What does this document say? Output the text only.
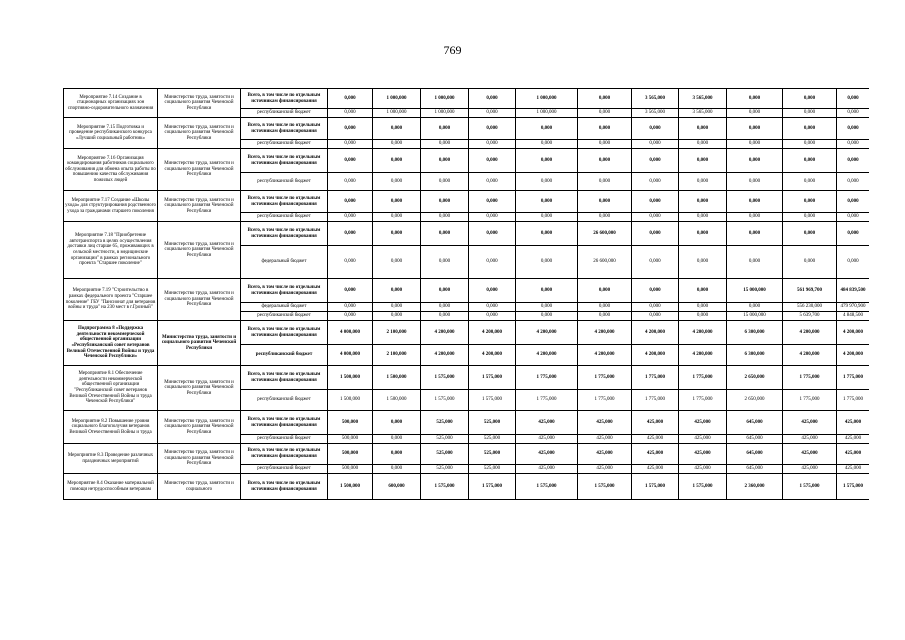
769
Мероприятие 7.14 Создание в стационарных организациях зон спортивно-оздоровительного назначения	Министерство труда, занятости и социального развития Чеченской Республики	Всего, в том числе по отдельным источникам финансирования	0,000	1 000,000	1 000,000	0,000	1 000,000	0,000	3 565,000	3 565,000	0,000	0,000	0,000
		республиканский бюджет	0,000	1 000,000	1 000,000	0,000	1 000,000	0,000	3 565,000	3 565,000	0,000	0,000	0,000
Мероприятие 7.15 Подготовка и проведение республиканского конкурса «Лучший социальный работник»	Министерство труда, занятости и социального развития Чеченской Республики	Всего, в том числе по отдельным источникам финансирования	0,000	0,000	0,000	0,000	0,000	0,000	0,000	0,000	0,000	0,000	0,000
		республиканский бюджет	0,000	0,000	0,000	0,000	0,000	0,000	0,000	0,000	0,000	0,000	0,000
Мероприятие 7.16 Организация командирования работников социального обслуживания для обмена опыта работы по повышению качества обслуживания пожилых людей	Министерство труда, занятости и социального развития Чеченской Республики	Всего, в том числе по отдельным источникам финансирования	0,000	0,000	0,000	0,000	0,000	0,000	0,000	0,000	0,000	0,000	0,000
		республиканский бюджет	0,000	0,000	0,000	0,000	0,000	0,000	0,000	0,000	0,000	0,000	0,000
Мероприятие 7.17 Создание «Школы ухода» для структурирования родственного ухода за гражданами старшего поколения	Министерство труда, занятости и социального развития Чеченской Республики	Всего, в том числе по отдельным источникам финансирования	0,000	0,000	0,000	0,000	0,000	0,000	0,000	0,000	0,000	0,000	0,000
		республиканский бюджет	0,000	0,000	0,000	0,000	0,000	0,000	0,000	0,000	0,000	0,000	0,000
Мероприятие 7.18 "Приобретение автотранспорта в целях осуществления доставки лиц старше 65, проживающих в сельской местности, в медицинские организации" в рамках регионального проекта "Старшее поколение"	Министерство труда, занятости и социального развития Чеченской Республики	Всего, в том числе по отдельным источникам финансирования	0,000	0,000	0,000	0,000	0,000	26 600,000	0,000	0,000	0,000	0,000	0,000
		федеральный бюджет	0,000	0,000	0,000	0,000	0,000	26 600,000	0,000	0,000	0,000	0,000	0,000
Мероприятие 7.19 "Строительство в рамках федерального проекта "Старшее поколение" ГБУ "Пансионат для ветеранов войны и труда" на 230 мест в г.Грозный"	Министерство труда, занятости и социального развития Чеченской Республики	Всего, в том числе по отдельным источникам финансирования	0,000	0,000	0,000	0,000	0,000	0,000	0,000	0,000	15 000,000	561 969,700	484 839,500
		федеральный бюджет	0,000	0,000	0,000	0,000	0,000	0,000	0,000	0,000	0,000	556 230,000	479 970,900
		республиканский бюджет	0,000	0,000	0,000	0,000	0,000	0,000	0,000	0,000	15 000,000	5 639,700	4 848,500
Подпрограмма 8 «Поддержка деятельности некоммерческой общественной организации «Республиканский совет ветеранов Великой Отечественной Войны и труда Чеченской Республики»	Министерство труда, занятости и социального развития Чеченской Республики	Всего, в том числе по отдельным источникам финансирования	4 000,000	2 100,000	4 200,000	4 200,000	4 200,000	4 200,000	4 200,000	4 200,000	6 300,000	4 200,000	4 200,000
		республиканский бюджет	4 000,000	2 100,000	4 200,000	4 200,000	4 200,000	4 200,000	4 200,000	4 200,000	6 300,000	4 200,000	4 200,000
Мероприятие 8.1 Обеспечение деятельности некоммерческой общественной организации "Республиканский совет ветеранов Великой Отечественной Войны и труда Чеченской Республики"	Министерство труда, занятости и социального развития Чеченской Республики	Всего, в том числе по отдельным источникам финансирования	1 500,000	1 500,000	1 575,000	1 575,000	1 775,000	1 775,000	1 775,000	1 775,000	2 650,000	1 775,000	1 775,000
		республиканский бюджет	1 500,000	1 500,000	1 575,000	1 575,000	1 775,000	1 775,000	1 775,000	1 775,000	2 650,000	1 775,000	1 775,000
Мероприятие 8.2 Повышение уровня социального благополучия ветеранов Великой Отечественной Войны и труда	Министерство труда, занятости и социального развития Чеченской Республики	Всего, в том числе по отдельным источникам финансирования	500,000	0,000	525,000	525,000	425,000	425,000	425,000	425,000	645,000	425,000	425,000
		республиканский бюджет	500,000	0,000	525,000	525,000	425,000	425,000	425,000	425,000	645,000	425,000	425,000
Мероприятие 8.3 Проведение различных праздничных мероприятий	Министерство труда, занятости и социального развития Чеченской Республики	Всего, в том числе по отдельным источникам финансирования	500,000	0,000	525,000	525,000	425,000	425,000	425,000	425,000	645,000	425,000	425,000
		республиканский бюджет	500,000	0,000	525,000	525,000	425,000	425,000	425,000	425,000	645,000	425,000	425,000
Мероприятие 8.4 Оказание материальной помощи нетрудоспособным ветеранам	Министерство труда, занятости и социального	Всего, в том числе по отдельным источникам финансирования	1 500,000	600,000	1 575,000	1 575,000	1 575,000	1 575,000	1 575,000	1 575,000	2 360,000	1 575,000	1 575,000
